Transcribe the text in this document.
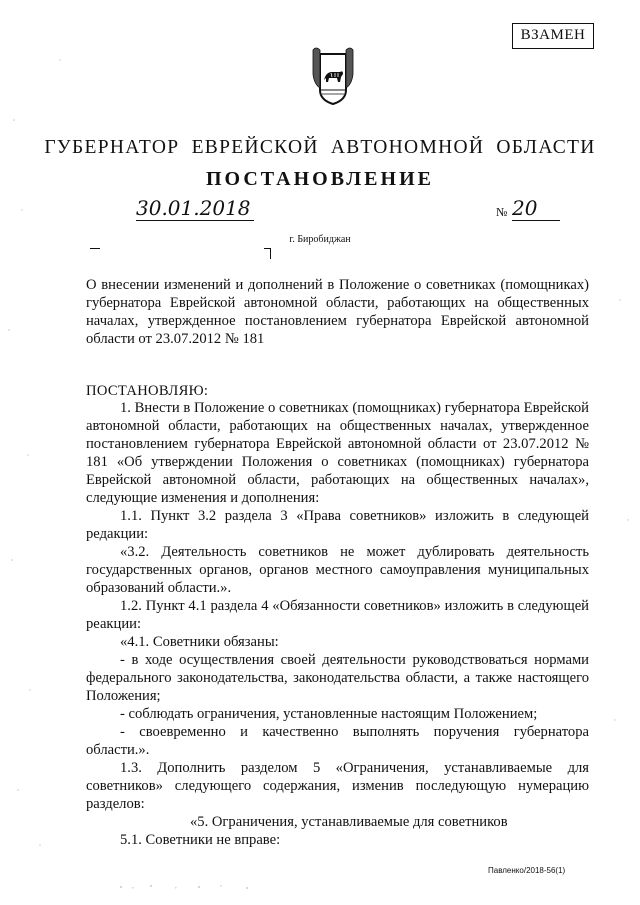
ВЗАМЕН
ГУБЕРНАТОР ЕВРЕЙСКОЙ АВТОНОМНОЙ ОБЛАСТИ
ПОСТАНОВЛЕНИЕ
30.01.2018	№ 20
г. Биробиджан
О внесении изменений и дополнений в Положение о советниках (помощниках) губернатора Еврейской автономной области, работающих на общественных началах, утвержденное постановлением губернатора Еврейской автономной области от 23.07.2012 № 181
ПОСТАНОВЛЯЮ:

1. Внести в Положение о советниках (помощниках) губернатора Еврейской автономной области, работающих на общественных началах, утвержденное постановлением губернатора Еврейской автономной области от 23.07.2012 № 181 «Об утверждении Положения о советниках (помощниках) губернатора Еврейской автономной области, работающих на общественных началах», следующие изменения и дополнения:

1.1. Пункт 3.2 раздела 3 «Права советников» изложить в следующей редакции:

«3.2. Деятельность советников не может дублировать деятельность государственных органов, органов местного самоуправления муниципальных образований области.».

1.2. Пункт 4.1 раздела 4 «Обязанности советников» изложить в следующей реакции:

«4.1. Советники обязаны:

- в ходе осуществления своей деятельности руководствоваться нормами федерального законодательства, законодательства области, а также настоящего Положения;

- соблюдать ограничения, установленные настоящим Положением;

- своевременно и качественно выполнять поручения губернатора области.».

1.3. Дополнить разделом 5 «Ограничения, устанавливаемые для советников» следующего содержания, изменив последующую нумерацию разделов:

«5. Ограничения, устанавливаемые для советников

5.1. Советники не вправе:

Павленко/2018-56(1)
